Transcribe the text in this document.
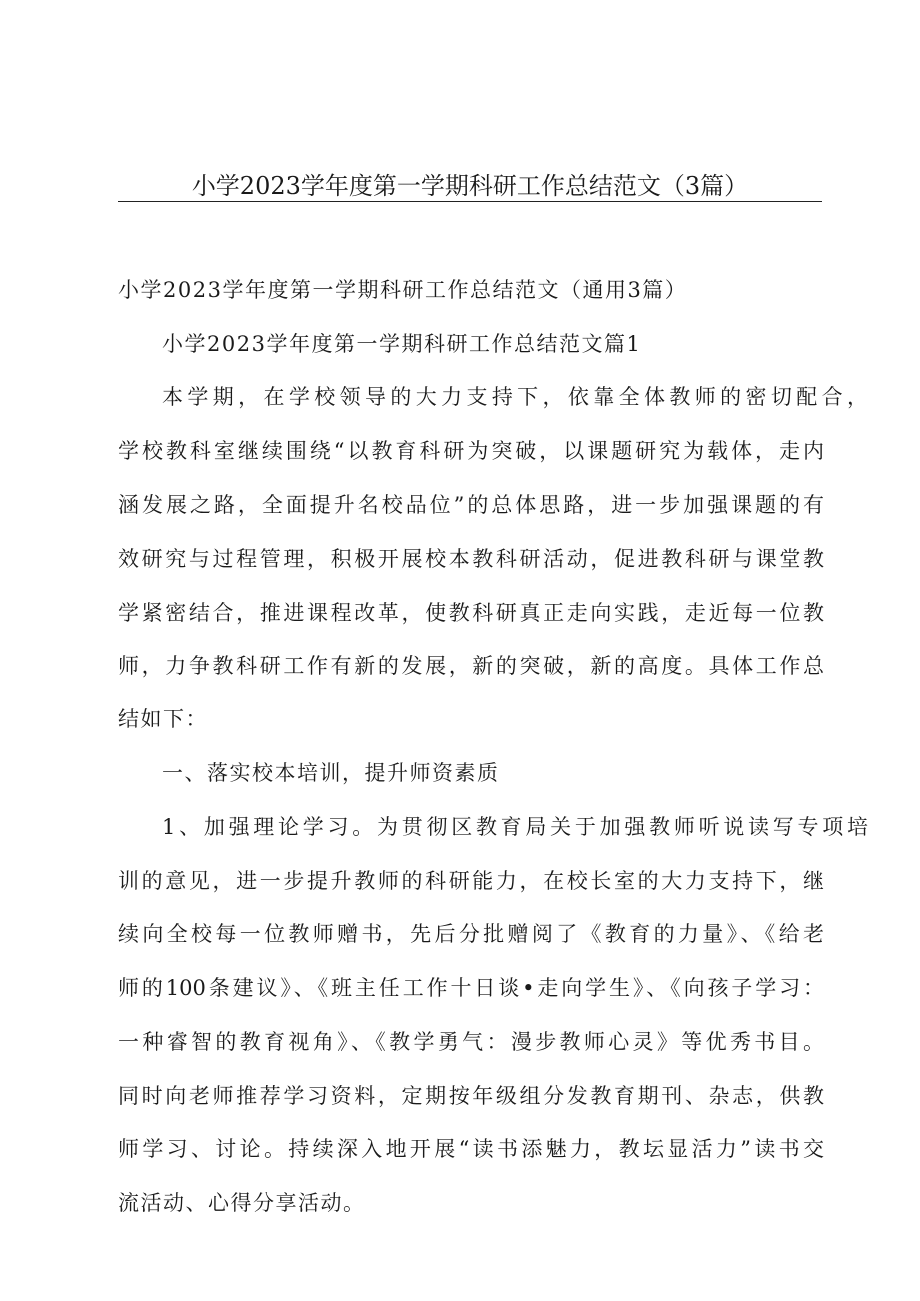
小学2023学年度第一学期科研工作总结范文（3篇）
小学2023学年度第一学期科研工作总结范文（通用3篇）
小学2023学年度第一学期科研工作总结范文篇1
本学期，在学校领导的大力支持下，依靠全体教师的密切配合，
学校教科室继续围绕“以教育科研为突破，以课题研究为载体，走内
涵发展之路，全面提升名校品位”的总体思路，进一步加强课题的有
效研究与过程管理，积极开展校本教科研活动，促进教科研与课堂教
学紧密结合，推进课程改革，使教科研真正走向实践，走近每一位教
师，力争教科研工作有新的发展，新的突破，新的高度。具体工作总
结如下：
一、落实校本培训，提升师资素质
1、加强理论学习。为贯彻区教育局关于加强教师听说读写专项培
训的意见，进一步提升教师的科研能力，在校长室的大力支持下，继
续向全校每一位教师赠书，先后分批赠阅了《教育的力量》、《给老
师的100条建议》、《班主任工作十日谈•走向学生》、《向孩子学习：
一种睿智的教育视角》、《教学勇气：漫步教师心灵》等优秀书目。
同时向老师推荐学习资料，定期按年级组分发教育期刊、杂志，供教
师学习、讨论。持续深入地开展“读书添魅力，教坛显活力”读书交
流活动、心得分享活动。
